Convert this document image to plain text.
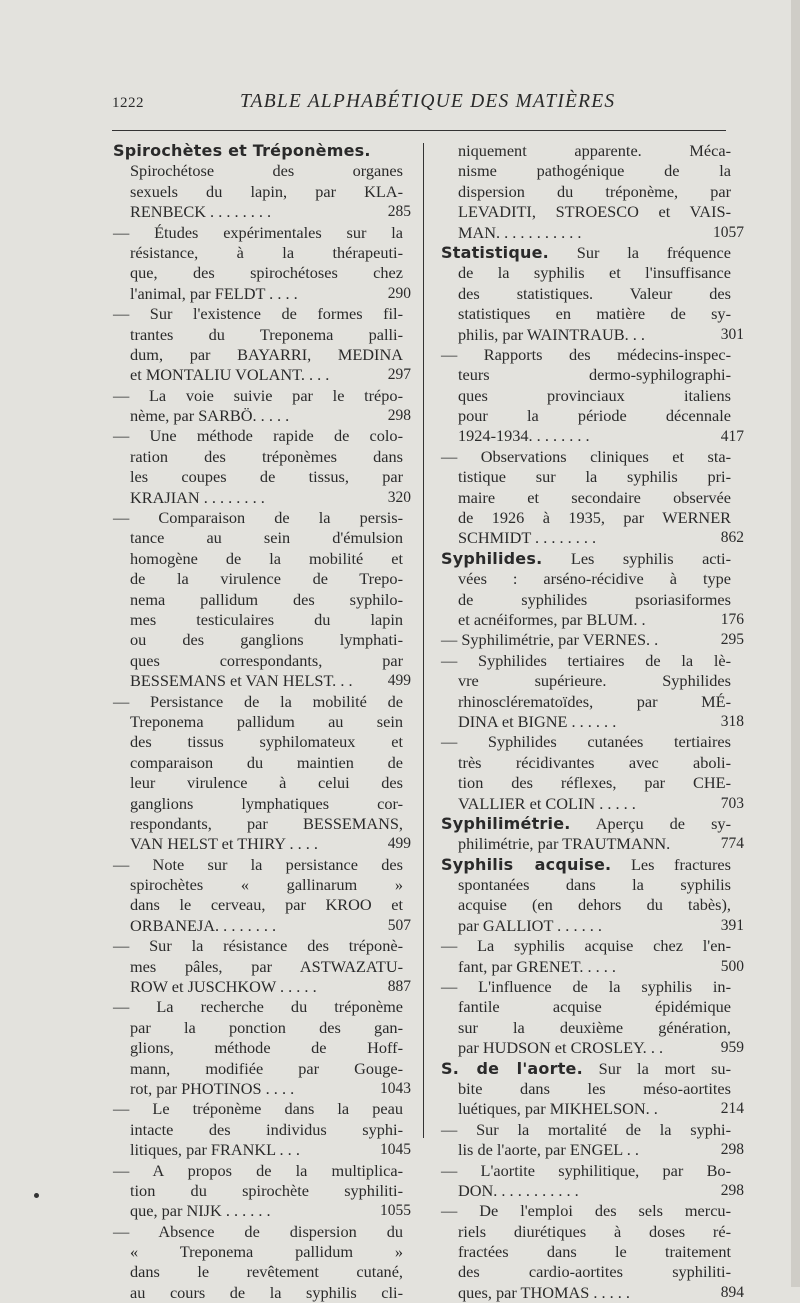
1222	TABLE ALPHABÉTIQUE DES MATIÈRES
Spirochètes et Tréponèmes.
Spirochétose des organes
sexuels du lapin, par KLA-
RENBECK . . . . . . . .	285
— Études expérimentales sur la
résistance, à la thérapeuti-
que, des spirochétoses chez
l'animal, par FELDT . . . .	290
— Sur l'existence de formes fil-
trantes du Treponema palli-
dum, par BAYARRI, MEDINA
et MONTALIU VOLANT. . . .	297
— La voie suivie par le trépo-
nème, par SARBÖ. . . . .	298
— Une méthode rapide de colo-
ration des tréponèmes dans
les coupes de tissus, par
KRAJIAN . . . . . . . .	320
— Comparaison de la persis-
tance au sein d'émulsion
homogène de la mobilité et
de la virulence de Trepo-
nema pallidum des syphilo-
mes testiculaires du lapin
ou des ganglions lymphati-
ques correspondants, par
BESSEMANS et VAN HELST. . .	499
— Persistance de la mobilité de
Treponema pallidum au sein
des tissus syphilomateux et
comparaison du maintien de
leur virulence à celui des
ganglions lymphatiques cor-
respondants, par BESSEMANS,
VAN HELST et THIRY . . . .	499
— Note sur la persistance des
spirochètes « gallinarum »
dans le cerveau, par KROO et
ORBANEJA. . . . . . . .	507
— Sur la résistance des tréponè-
mes pâles, par ASTWAZATU-
ROW et JUSCHKOW . . . . .	887
— La recherche du tréponème
par la ponction des gan-
glions, méthode de Hoff-
mann, modifiée par Gouge-
rot, par PHOTINOS . . . .	1043
— Le tréponème dans la peau
intacte des individus syphi-
litiques, par FRANKL . . .	1045
— A propos de la multiplica-
tion du spirochète syphiliti-
que, par NIJK . . . . . .	1055
— Absence de dispersion du
« Treponema pallidum »
dans le revêtement cutané,
au cours de la syphilis cli-
niquement apparente. Méca-
nisme pathogénique de la
dispersion du tréponème, par
LEVADITI, STROESCO et VAIS-
MAN. . . . . . . . . . .	1057
Statistique. Sur la fréquence
de la syphilis et l'insuffisance
des statistiques. Valeur des
statistiques en matière de sy-
philis, par WAINTRAUB. . .	301
— Rapports des médecins-inspec-
teurs dermo-syphilographi-
ques provinciaux italiens
pour la période décennale
1924-1934. . . . . . . .	417
— Observations cliniques et sta-
tistique sur la syphilis pri-
maire et secondaire observée
de 1926 à 1935, par WERNER
SCHMIDT . . . . . . . .	862
Syphilides. Les syphilis acti-
vées : arséno-récidive à type
de syphilides psoriasiformes
et acnéiformes, par BLUM. .	176
— Syphilimétrie, par VERNES. .	295
— Syphilides tertiaires de la lè-
vre supérieure. Syphilides
rhinosclérematoïdes, par MÉ-
DINA et BIGNE . . . . . .	318
— Syphilides cutanées tertiaires
très récidivantes avec aboli-
tion des réflexes, par CHE-
VALLIER et COLIN . . . . .	703
Syphilimétrie. Aperçu de sy-
philimétrie, par TRAUTMANN.	774
Syphilis acquise. Les fractures
spontanées dans la syphilis
acquise (en dehors du tabès),
par GALLIOT . . . . . .	391
— La syphilis acquise chez l'en-
fant, par GRENET. . . . .	500
— L'influence de la syphilis in-
fantile acquise épidémique
sur la deuxième génération,
par HUDSON et CROSLEY. . .	959
S. de l'aorte. Sur la mort su-
bite dans les méso-aortites
luétiques, par MIKHELSON. .	214
— Sur la mortalité de la syphi-
lis de l'aorte, par ENGEL . .	298
— L'aortite syphilitique, par Bo-
DON. . . . . . . . . . .	298
— De l'emploi des sels mercu-
riels diurétiques à doses ré-
fractées dans le traitement
des cardio-aortites syphiliti-
ques, par THOMAS . . . . .	894
